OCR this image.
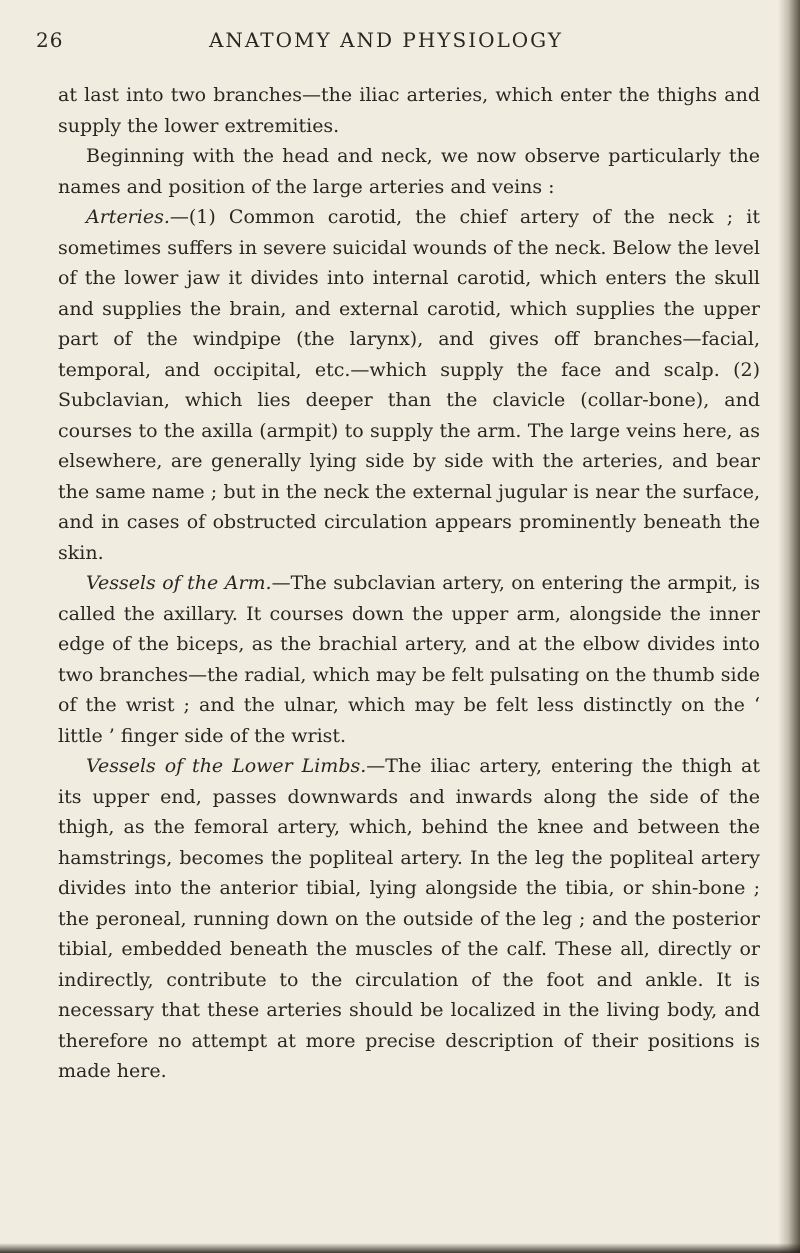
26	ANATOMY AND PHYSIOLOGY

at last into two branches—the iliac arteries, which enter the thighs and supply the lower extremities.

Beginning with the head and neck, we now observe particularly the names and position of the large arteries and veins :

Arteries.—(1) Common carotid, the chief artery of the neck ; it sometimes suffers in severe suicidal wounds of the neck. Below the level of the lower jaw it divides into internal carotid, which enters the skull and supplies the brain, and external carotid, which supplies the upper part of the windpipe (the larynx), and gives off branches—facial, temporal, and occipital, etc.—which supply the face and scalp. (2) Subclavian, which lies deeper than the clavicle (collar-bone), and courses to the axilla (armpit) to supply the arm. The large veins here, as elsewhere, are generally lying side by side with the arteries, and bear the same name ; but in the neck the external jugular is near the surface, and in cases of obstructed circulation appears prominently beneath the skin.

Vessels of the Arm.—The subclavian artery, on entering the armpit, is called the axillary. It courses down the upper arm, alongside the inner edge of the biceps, as the brachial artery, and at the elbow divides into two branches—the radial, which may be felt pulsating on the thumb side of the wrist ; and the ulnar, which may be felt less distinctly on the ‘ little ’ finger side of the wrist.

Vessels of the Lower Limbs.—The iliac artery, entering the thigh at its upper end, passes downwards and inwards along the side of the thigh, as the femoral artery, which, behind the knee and between the hamstrings, becomes the popliteal artery. In the leg the popliteal artery divides into the anterior tibial, lying alongside the tibia, or shin-bone ; the peroneal, running down on the outside of the leg ; and the posterior tibial, embedded beneath the muscles of the calf. These all, directly or indirectly, contribute to the circulation of the foot and ankle. It is necessary that these arteries should be localized in the living body, and therefore no attempt at more precise description of their positions is made here.
